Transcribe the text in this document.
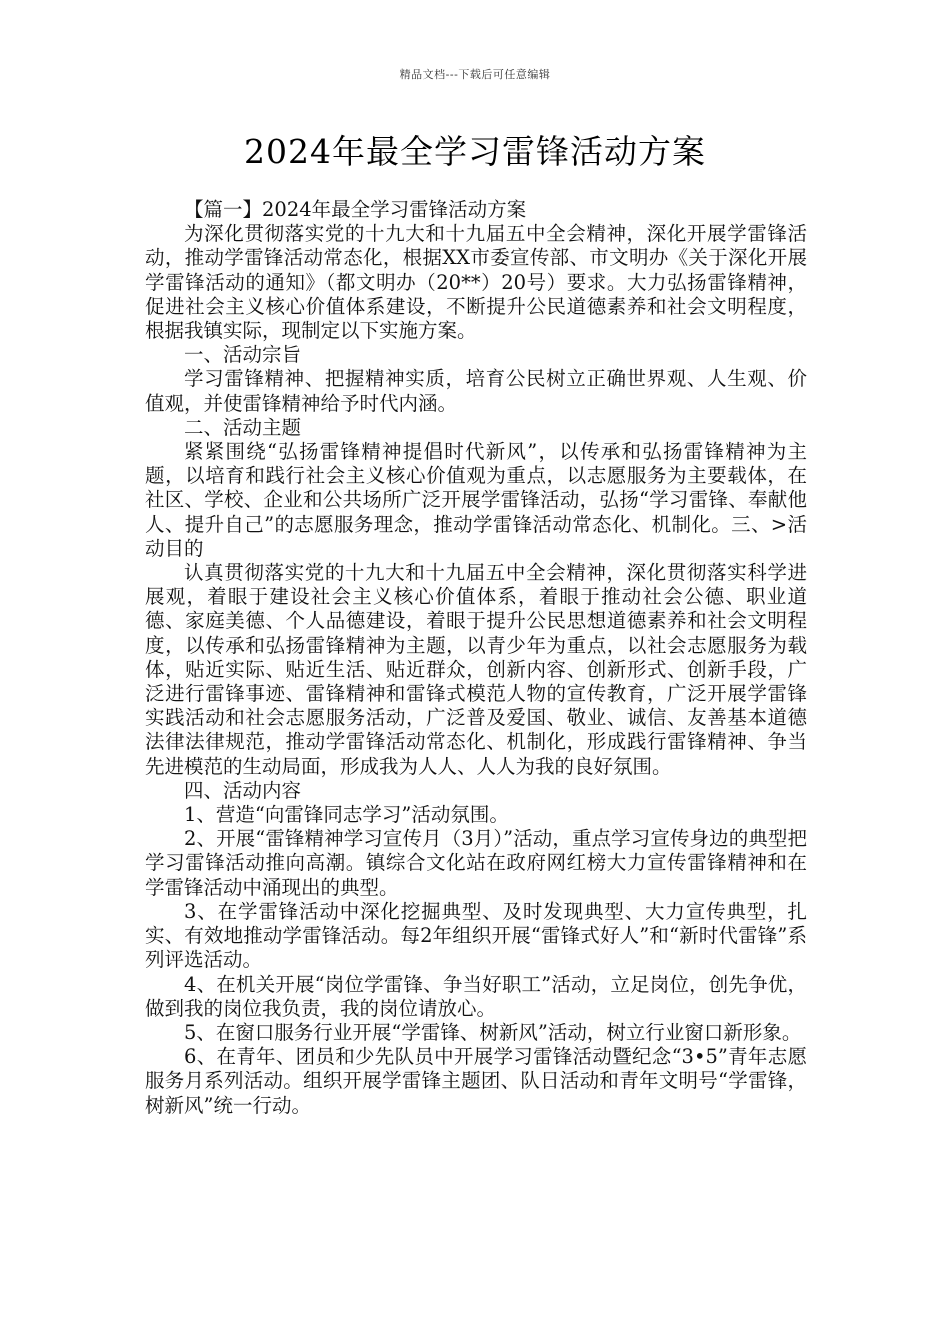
精品文档---下载后可任意编辑
2024年最全学习雷锋活动方案

【篇一】2024年最全学习雷锋活动方案

为深化贯彻落实党的十九大和十九届五中全会精神，深化开展学雷锋活动，推动学雷锋活动常态化，根据XX市委宣传部、市文明办《关于深化开展学雷锋活动的通知》（都文明办（20**）20号）要求。大力弘扬雷锋精神，促进社会主义核心价值体系建设，不断提升公民道德素养和社会文明程度，根据我镇实际，现制定以下实施方案。

一、活动宗旨

学习雷锋精神、把握精神实质，培育公民树立正确世界观、人生观、价值观，并使雷锋精神给予时代内涵。

二、活动主题

紧紧围绕“弘扬雷锋精神提倡时代新风”，以传承和弘扬雷锋精神为主题，以培育和践行社会主义核心价值观为重点，以志愿服务为主要载体，在社区、学校、企业和公共场所广泛开展学雷锋活动，弘扬“学习雷锋、奉献他人、提升自己”的志愿服务理念，推动学雷锋活动常态化、机制化。三、>活动目的

认真贯彻落实党的十九大和十九届五中全会精神，深化贯彻落实科学进展观，着眼于建设社会主义核心价值体系，着眼于推动社会公德、职业道德、家庭美德、个人品德建设，着眼于提升公民思想道德素养和社会文明程度，以传承和弘扬雷锋精神为主题，以青少年为重点，以社会志愿服务为载体，贴近实际、贴近生活、贴近群众，创新内容、创新形式、创新手段，广泛进行雷锋事迹、雷锋精神和雷锋式模范人物的宣传教育，广泛开展学雷锋实践活动和社会志愿服务活动，广泛普及爱国、敬业、诚信、友善基本道德法律法律规范，推动学雷锋活动常态化、机制化，形成践行雷锋精神、争当先进模范的生动局面，形成我为人人、人人为我的良好氛围。

四、活动内容

1、营造“向雷锋同志学习”活动氛围。

2、开展“雷锋精神学习宣传月（3月）”活动，重点学习宣传身边的典型把学习雷锋活动推向高潮。镇综合文化站在政府网红榜大力宣传雷锋精神和在学雷锋活动中涌现出的典型。

3、在学雷锋活动中深化挖掘典型、及时发现典型、大力宣传典型，扎实、有效地推动学雷锋活动。每2年组织开展“雷锋式好人”和“新时代雷锋”系列评选活动。

4、在机关开展“岗位学雷锋、争当好职工”活动，立足岗位，创先争优，做到我的岗位我负责，我的岗位请放心。

5、在窗口服务行业开展“学雷锋、树新风”活动，树立行业窗口新形象。

6、在青年、团员和少先队员中开展学习雷锋活动暨纪念“3•5”青年志愿服务月系列活动。组织开展学雷锋主题团、队日活动和青年文明号“学雷锋，树新风”统一行动。
